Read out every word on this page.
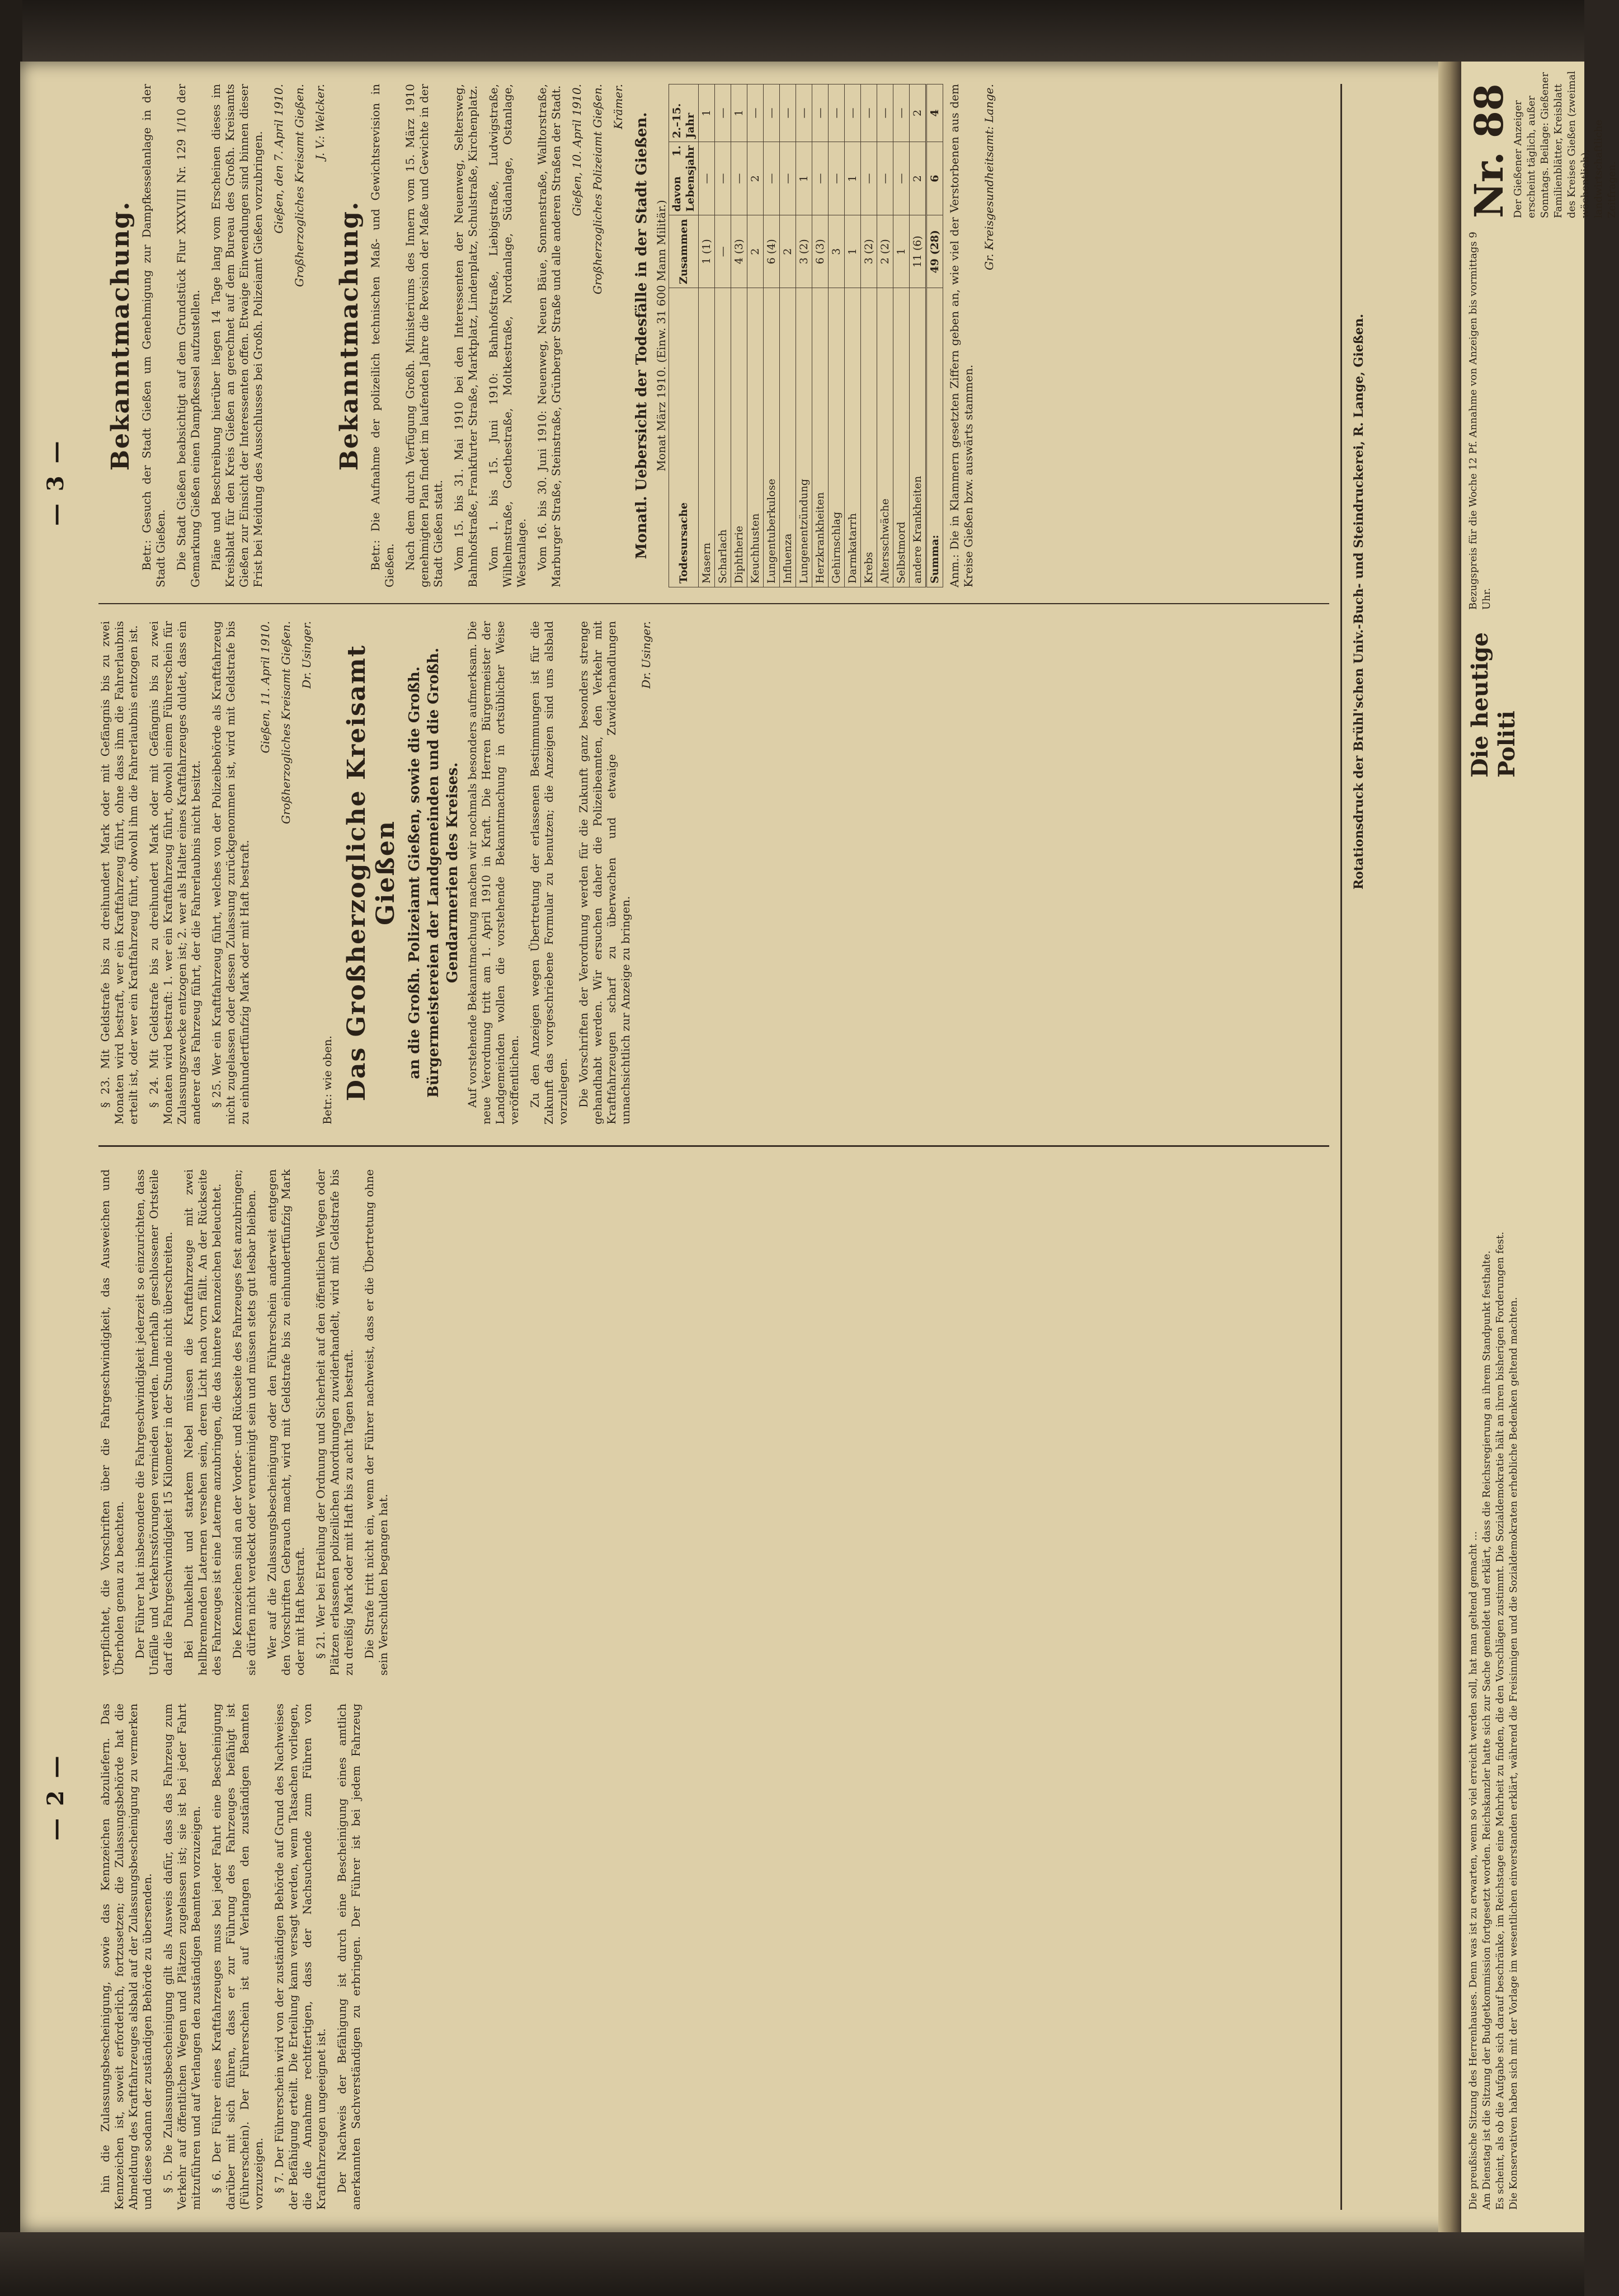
— 2 —
— 3 —

hin die Zulassungsbescheinigung, sowie das Kennzeichen abzuliefern. Das Kennzeichen ist, soweit erforderlich, fortzusetzen; die Zulassungsbehörde hat die Abmeldung des Kraftfahrzeuges alsbald auf der Zulassungsbescheinigung zu vermerken und diese sodann der zuständigen Behörde zu übersenden. § 5. Die Zulassungsbescheinigung gilt als Ausweis dafür, dass das Fahrzeug zum Verkehr auf öffentlichen Wegen und Plätzen zugelassen ist; sie ist bei jeder Fahrt mitzuführen und auf Verlangen den zuständigen Beamten vorzuzeigen. § 6. Der Führer eines Kraftfahrzeuges muss bei jeder Fahrt eine Bescheinigung darüber mit sich führen, dass er zur Führung des Fahrzeuges befähigt ist (Führerschein). Der Führerschein ist auf Verlangen den zuständigen Beamten vorzuzeigen. § 7. Der Führerschein wird von der zuständigen Behörde auf Grund des Nachweises der Befähigung erteilt. Die Erteilung kann versagt werden, wenn Tatsachen vorliegen, die die Annahme rechtfertigen, dass der Nachsuchende zum Führen von Kraftfahrzeugen ungeeignet ist. Der Nachweis der Befähigung ist durch eine Bescheinigung eines amtlich anerkannten Sachverständigen zu erbringen. Der Führer ist bei jedem Fahrzeug verpflichtet, die Vorschriften über die Fahrgeschwindigkeit, das Ausweichen und Überholen genau zu beachten. Der Führer hat insbesondere die Fahrgeschwindigkeit jederzeit so einzurichten, dass Unfälle und Verkehrsstörungen vermieden werden. Innerhalb geschlossener Ortsteile darf die Fahrgeschwindigkeit 15 Kilometer in der Stunde nicht überschreiten. Bei Dunkelheit und starkem Nebel müssen die Kraftfahrzeuge mit zwei hellbrennenden Laternen versehen sein, deren Licht nach vorn fällt. An der Rückseite des Fahrzeuges ist eine Laterne anzubringen, die das hintere Kennzeichen beleuchtet. Die Kennzeichen sind an der Vorder- und Rückseite des Fahrzeuges fest anzubringen; sie dürfen nicht verdeckt oder verunreinigt sein und müssen stets gut lesbar bleiben. Wer auf die Zulassungsbescheinigung oder den Führerschein anderweit entgegen den Vorschriften Gebrauch macht, wird mit Geldstrafe bis zu einhundertfünfzig Mark oder mit Haft bestraft. § 21. Wer bei Erteilung der Ordnung und Sicherheit auf den öffentlichen Wegen oder Plätzen erlassenen polizeilichen Anordnungen zuwiderhandelt, wird mit Geldstrafe bis zu dreißig Mark oder mit Haft bis zu acht Tagen bestraft. Die Strafe tritt nicht ein, wenn der Führer nachweist, dass er die Übertretung ohne sein Verschulden begangen hat.

§ 23. Mit Geldstrafe bis zu dreihundert Mark oder mit Gefängnis bis zu zwei Monaten wird bestraft, wer ein Kraftfahrzeug führt, ohne dass ihm die Fahrerlaubnis erteilt ist, oder wer ein Kraftfahrzeug führt, obwohl ihm die Fahrerlaubnis entzogen ist. § 24. Mit Geldstrafe bis zu dreihundert Mark oder mit Gefängnis bis zu zwei Monaten wird bestraft: 1. wer ein Kraftfahrzeug führt, obwohl einem Führerschein für Zulassungszwecke entzogen ist; 2. wer als Halter eines Kraftfahrzeuges duldet, dass ein anderer das Fahrzeug führt, der die Fahrerlaubnis nicht besitzt. § 25. Wer ein Kraftfahrzeug führt, welches von der Polizeibehörde als Kraftfahrzeug nicht zugelassen oder dessen Zulassung zurückgenommen ist, wird mit Geldstrafe bis zu einhundertfünfzig Mark oder mit Haft bestraft.

Gießen, 11. April 1910. Großherzogliches Kreisamt Gießen. Dr. Usinger.

Betr.: wie oben. Das Großherzogliche Kreisamt Gießen an die Großh. Polizeiamt Gießen, sowie die Großh. Bürgermeistereien der Landgemeinden und die Großh. Gendarmerien des Kreises. Auf vorstehende Bekanntmachung machen wir nochmals besonders aufmerksam. Die neue Verordnung tritt am 1. April 1910 in Kraft. Die Herren Bürgermeister der Landgemeinden wollen die vorstehende Bekanntmachung in ortsüblicher Weise veröffentlichen. Zu den Anzeigen wegen Übertretung der erlassenen Bestimmungen ist für die Zukunft das vorgeschriebene Formular zu benutzen; die Anzeigen sind uns alsbald vorzulegen. Die Vorschriften der Verordnung werden für die Zukunft ganz besonders strenge gehandhabt werden. Wir ersuchen daher die Polizeibeamten, den Verkehr mit Kraftfahrzeugen scharf zu überwachen und etwaige Zuwiderhandlungen unnachsichtlich zur Anzeige zu bringen.

Dr. Usinger.

Bekanntmachung. Betr.: Gesuch der Stadt Gießen um Genehmigung zur Dampfkesselanlage in der Stadt Gießen. Die Stadt Gießen beabsichtigt auf dem Grundstück Flur XXXVIII Nr. 129 1/10 der Gemarkung Gießen einen Dampfkessel aufzustellen. Pläne und Beschreibung hierüber liegen 14 Tage lang vom Erscheinen dieses im Kreisblatt für den Kreis Gießen an gerechnet auf dem Bureau des Großh. Kreisamts Gießen zur Einsicht der Interessenten offen. Etwaige Einwendungen sind binnen dieser Frist bei Meidung des Ausschlusses bei Großh. Polizeiamt Gießen vorzubringen. Gießen, den 7. April 1910. Großherzogliches Kreisamt Gießen. J. V.: Welcker.

Bekanntmachung. Betr.: Die Aufnahme der polizeilich technischen Maß- und Gewichtsrevision in Gießen. Nach dem durch Verfügung Großh. Ministeriums des Innern vom 15. März 1910 genehmigten Plan findet im laufenden Jahre die Revision der Maße und Gewichte in der Stadt Gießen statt. Vom 15. bis 31. Mai 1910 bei den Interessenten der Neuenweg, Seltersweg, Bahnhofstraße, Frankfurter Straße, Marktplatz, Lindenplatz, Schulstraße, Kirchenplatz. Vom 1. bis 15. Juni 1910: Bahnhofstraße, Liebigstraße, Ludwigstraße, Wilhelmstraße, Goethestraße, Moltkestraße, Nordanlage, Südanlage, Ostanlage, Westanlage. Vom 16. bis 30. Juni 1910: Neuenweg, Neuen Bäue, Sonnenstraße, Walltorstraße, Marburger Straße, Steinstraße, Grünberger Straße und alle anderen Straßen der Stadt. Gießen, 10. April 1910. Großherzogliches Polizeiamt Gießen. Krämer.

Monatl. Uebersicht der Todesfälle in der Stadt Gießen. Monat März 1910. (Einw. 31 600 Mann Militär.)
Todesursache	Zusammen	davon 1. Lebensjahr	2.–15. Jahr
Masern	1 (1)	—	1
Scharlach	—	—	—
Diphtherie	4 (3)	—	1
Keuchhusten	2	2	—
Lungentuberkulose	6 (4)	—	—
Influenza	2	—	—
Lungenentzündung	3 (2)	1	—
Herzkrankheiten	6 (3)	—	—
Gehirnschlag	3	—	—
Darmkatarrh	1	1	—
Krebs	3 (2)	—	—
Altersschwäche	2 (2)	—	—
Selbstmord	1	—	—
andere Krankheiten	11 (6)	2	2
Summa:	49 (28)	6	4 Anm.: Die in Klammern gesetzten Ziffern geben an, wie viel der Verstorbenen aus dem Kreise Gießen bzw. auswärts stammen.

Gr. Kreisgesundheitsamt: Lange.

Rotationsdruck der Brühl'schen Univ.-Buch- und Steindruckerei, R. Lange, Gießen.
Nr. 88 Der Gießener Anzeiger erscheint täglich, außer Sonntags. Beilage: Gießener Familienblätter, Kreisblatt des Kreises Gießen (zweimal wöchentlich), landwirtschaftliche Zeitfragen.
Bezugspreis für die Woche 12 Pf. Annahme von Anzeigen bis vormittags 9 Uhr.
Die heutige Politi
Die preußische Sitzung des Herrenhauses. Denn was ist zu erwarten, wenn so viel erreicht werden soll, hat man geltend gemacht ... Am Dienstag ist die Sitzung der Budgetkommission fortgesetzt worden. Reichskanzler hatte sich zur Sache gemeldet und erklärt, dass die Reichsregierung an ihrem Standpunkt festhalte. Es scheint, als ob die Aufgabe sich darauf beschränke, im Reichstage eine Mehrheit zu finden, die den Vorschlägen zustimmt. Die Sozialdemokratie hält an ihren bisherigen Forderungen fest. Die Konservativen haben sich mit der Vorlage im wesentlichen einverstanden erklärt, während die Freisinnigen und die Sozialdemokraten erhebliche Bedenken geltend machten.
